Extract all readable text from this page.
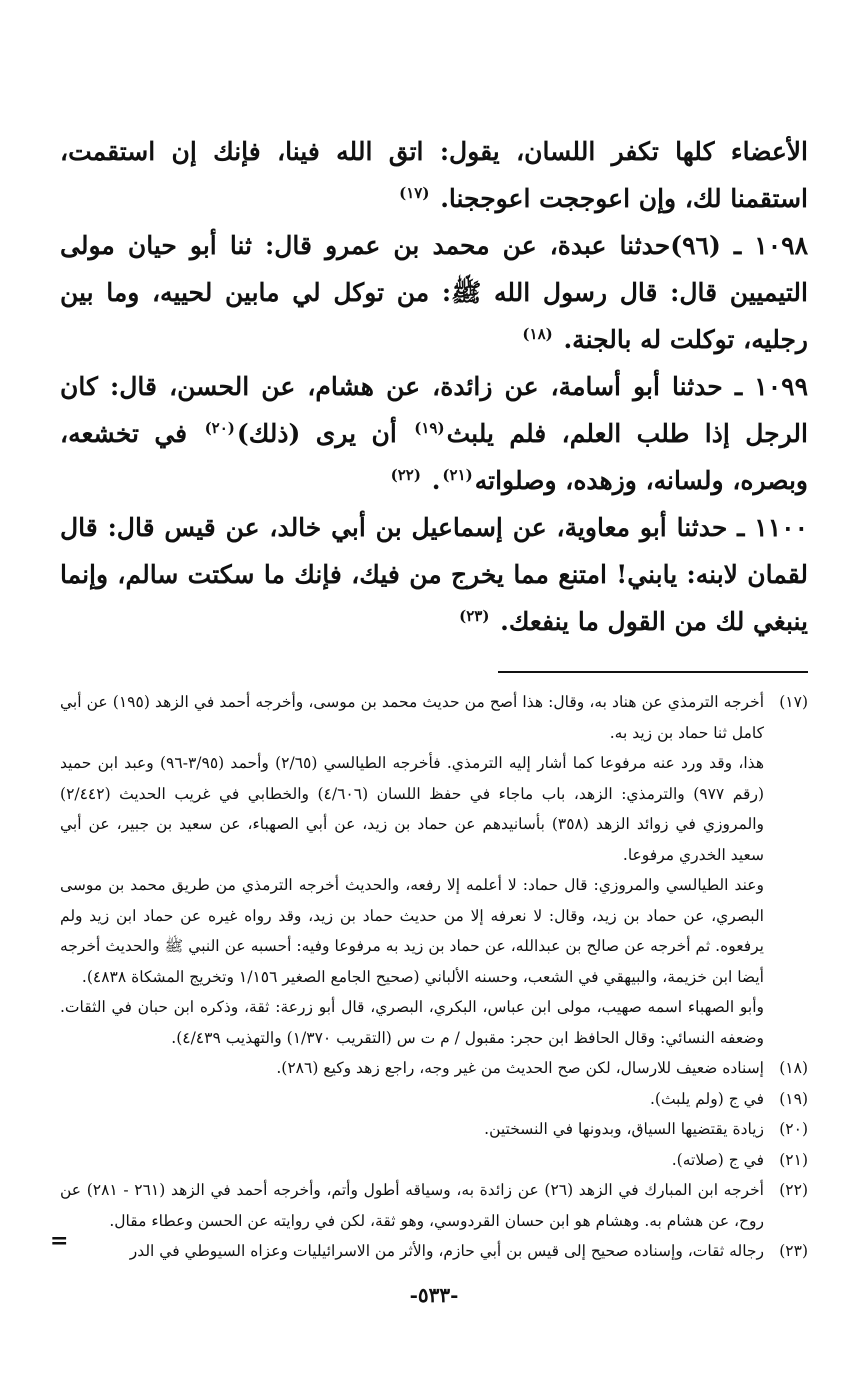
الأعضاء كلها تكفر اللسان، يقول: اتق الله فينا، فإنك إن استقمت، استقمنا لك، وإن اعوججت اعوججنا. $^{(١٧)}$

١٠٩٨ ـ (٩٦)حدثنا عبدة، عن محمد بن عمرو قال: ثنا أبو حيان مولى التيميين قال: قال رسول الله ﷺ: من توكل لي مابين لحييه، وما بين رجليه، توكلت له بالجنة. $^{(١٨)}$

١٠٩٩ ـ حدثنا أبو أسامة، عن زائدة، عن هشام، عن الحسن، قال: كان الرجل إذا طلب العلم، فلم يلبث$^{(١٩)}$ أن يرى (ذلك)$^{(٢٠)}$ في تخشعه، وبصره، ولسانه، وزهده، وصلواته$^{(٢١)}$. $^{(٢٢)}$

١١٠٠ ـ حدثنا أبو معاوية، عن إسماعيل بن أبي خالد، عن قيس قال: قال لقمان لابنه: يابني! امتنع مما يخرج من فيك، فإنك ما سكتت سالم، وإنما ينبغي لك من القول ما ينفعك. $^{(٢٣)}$

(١٧)

أخرجه الترمذي عن هناد به، وقال: هذا أصح من حديث محمد بن موسى، وأخرجه أحمد في الزهد (١٩٥) عن أبي كامل ثنا حماد بن زيد به.

هذا، وقد ورد عنه مرفوعا كما أشار إليه الترمذي. فأخرجه الطيالسي (٢/٦٥) وأحمد (٣/٩٥-٩٦) وعبد ابن حميد (رقم ٩٧٧) والترمذي: الزهد، باب ماجاء في حفظ اللسان (٤/٦٠٦) والخطابي في غريب الحديث (٢/٤٤٢) والمروزي في زوائد الزهد (٣٥٨) بأسانيدهم عن حماد بن زيد، عن أبي الصهباء، عن سعيد بن جبير، عن أبي سعيد الخدري مرفوعا.

وعند الطيالسي والمروزي: قال حماد: لا أعلمه إلا رفعه، والحديث أخرجه الترمذي من طريق محمد بن موسى البصري، عن حماد بن زيد، وقال: لا نعرفه إلا من حديث حماد بن زيد، وقد رواه غيره عن حماد ابن زيد ولم يرفعوه. ثم أخرجه عن صالح بن عبدالله، عن حماد بن زيد به مرفوعا وفيه: أحسبه عن النبي ﷺ والحديث أخرجه أيضا ابن خزيمة، والبيهقي في الشعب، وحسنه الألباني (صحيح الجامع الصغير ١/١٥٦ وتخريج المشكاة ٤٨٣٨).

وأبو الصهباء اسمه صهيب، مولى ابن عباس، البكري، البصري، قال أبو زرعة: ثقة، وذكره ابن حبان في الثقات. وضعفه النسائي: وقال الحافظ ابن حجر: مقبول / م ت س (التقريب ١/٣٧٠) والتهذيب ٤/٤٣٩).

(١٨)
إسناده ضعيف للارسال، لكن صح الحديث من غير وجه، راجع زهد وكيع (٢٨٦).
(١٩)
في ج (ولم يلبث).
(٢٠)
زيادة يقتضيها السياق، وبدونها في النسختين.
(٢١)
في ج (صلاته).
(٢٢)
أخرجه ابن المبارك في الزهد (٢٦) عن زائدة به، وسياقه أطول وأتم، وأخرجه أحمد في الزهد (٢٦١ - ٢٨١) عن روح، عن هشام به. وهشام هو ابن حسان القردوسي، وهو ثقة، لكن في روايته عن الحسن وعطاء مقال.
(٢٣)
رجاله ثقات، وإسناده صحيح إلى قيس بن أبي حازم، والأثر من الاسرائيليات وعزاه السيوطي في الدر
=
-٥٣٣-
